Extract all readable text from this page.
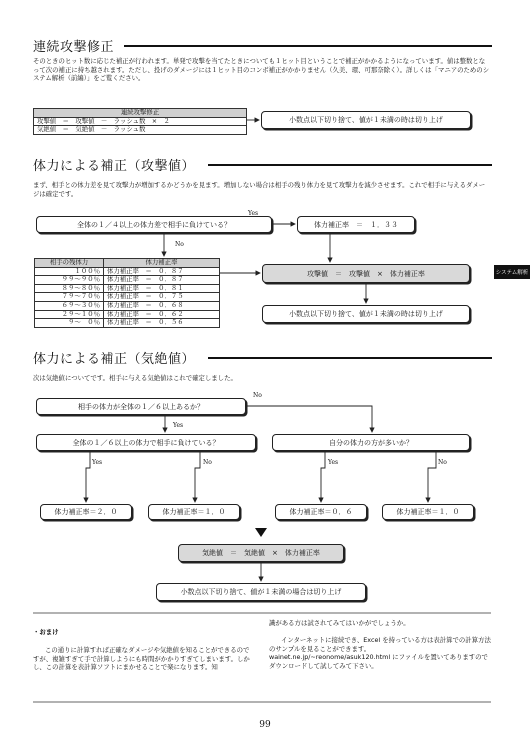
システム解析
連続攻撃修正
そのときのヒット数に応じた補正が行われます。単発で攻撃を当てたときについても１ヒット目ということで補正がかかるようになっています。値は整数となって次の補正に持ち越されます。ただし、投げのダメージには１ヒット目のコンボ補正がかかりません（久美、環、可那奈除く）。詳しくは「マニアのためのシステム解析（前編）」をご覧ください。
連続攻撃修正
攻撃値　＝　攻撃値　－　ラッシュ数　×　２
気絶値　＝　気絶値　－　ラッシュ数
小数点以下切り捨て、値が１未満の時は切り上げ
体力による補正（攻撃値）
まず、相手との体力差を見て攻撃力が増加するかどうかを見ます。増加しない場合は相手の残り体力を見て攻撃力を減少させます。これで相手に与えるダメージは確定です。
全体の１／４以上の体力差で相手に負けている？
Yes
No
体力補正率　＝　１．３３
相手の残体力	体力補正率
１００％	体力補正率　＝　０．８７
９９〜９０％	体力補正率　＝　０．８７
８９〜８０％	体力補正率　＝　０．８１
７９〜７０％	体力補正率　＝　０．７５
６９〜３０％	体力補正率　＝　０．６８
２９〜１０％	体力補正率　＝　０．６２
９〜　０％	体力補正率　＝　０．５６
攻撃値　＝　攻撃値　×　体力補正率
小数点以下切り捨て、値が１未満の時は切り上げ
体力による補正（気絶値）
次は気絶値についてです。相手に与える気絶値はこれで確定しました。
相手の体力が全体の１／６以上あるか？
No
Yes
全体の１／６以上の体力で相手に負けている？	自分の体力の方が多いか？
Yes	No	Yes	No
体力補正率＝２．０	体力補正率＝１．０	体力補正率＝０．６	体力補正率＝１．０
気絶値　＝　気絶値　×　体力補正率
小数点以下切り捨て、値が１未満の場合は切り上げ
・おまけ
この通りに計算すれば正確なダメージや気絶値を知ることができるのですが、複雑すぎて手で計算しようにも時間がかかりすぎてしまいます。しかし、この計算を表計算ソフトにまかせることで楽になります。知
識がある方は試されてみてはいかがでしょうか。
インターネットに接続でき、Excel を持っている方は表計算での計算方法のサンプルを見ることができます。wainet.ne.jp/~reonome/asuk120.html にファイルを置いてありますのでダウンロードして試してみて下さい。
99
